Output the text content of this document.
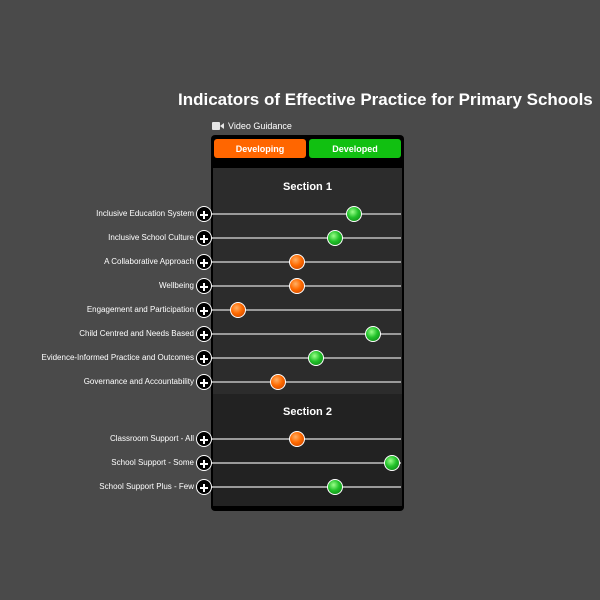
Indicators of Effective Practice for Primary Schools
Video Guidance
Developing	Developed
Section 1
Section 2
Inclusive Education System
Inclusive School Culture
A Collaborative Approach
Wellbeing
Engagement and Participation
Child Centred and Needs Based
Evidence-Informed Practice and Outcomes
Governance and Accountability
Classroom Support - All
School Support - Some
School Support Plus - Few
